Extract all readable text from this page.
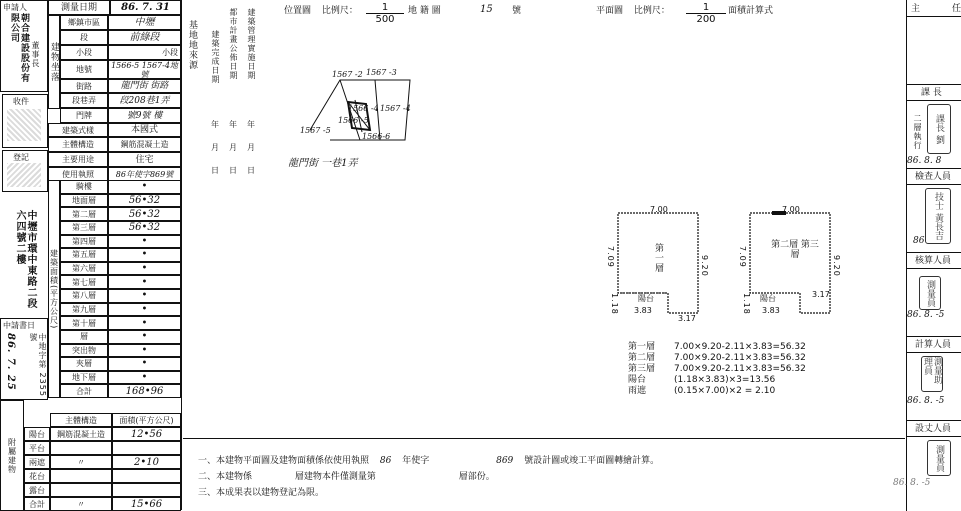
申請人
朝合建設股份有限公司
董事長
測量日期	86. 7. 31
建物坐落
鄉鎮市區	中壢
段	前綠段
小段	小段
地號	1566-5 1567-4地號
街路	龍門街 街路
段巷弄	段208巷1弄
門牌	號9號 樓
建築式樣	本國式
主體構造	鋼筋混凝土造
主要用途	住宅
使用執照	86年使字869號
收件
登記
中壢市環中東路二段六四號二樓
建築面積(平方公尺)
騎樓	•
地面層	56•32
第二層	56•32
第三層	56•32
第四層	•
第五層	•
第六層	•
第七層	•
第八層	•
第九層	•
第十層	•
層	•
突出物	•
夾層	•
地下層	•
合計	168•96
中請書日
86. 7. 25	中地字第 2355 號
附屬建物
主體構造	面積(平方公尺)
陽台	鋼筋混凝土造	12•56
平台
兩遮	〃	2•10
花台
露台
合計	〃	15•66
基地地來源	建築管理實施日期
都市計畫公佈日期
建築完成日期
年
月
日
年
月
日
年
月
日
位置圖 比例尺：	1
500
地 籍 圖	15 號
1567 -2 1567 -3
1567 -5
1566 -4
1566 -5
1567 -4
1566-6
龍門街 一巷1弄
平面圖 比例尺：	1
200
面積計算式
7.00
第一層
7.09	9.20
陽台
1.18 3.83
3.17
7.00
第二層 第三層
7.09	9.20
陽台
1.18 3.83
3.17
第一層	7.00×9.20-2.11×3.83=56.32
第二層	7.00×9.20-2.11×3.83=56.32
第三層	7.00×9.20-2.11×3.83=56.32
陽台	(1.18×3.83)×3=13.56
雨遮	(0.15×7.00)×2 = 2.10
一、本建物平面圖及建物面積係依使用執照 86 年使字	869 號設計圖或竣工平面圖轉繪計算。
二、本建物係	層建物本件僅測量第	層部份。
三、本成果表以建物登記為限。
主	任
課 長
二層執行	課長 劉
86. 8. 8
檢查人員
技士 黃長吉
86
核算人員
測量員
86. 8. -5
計算人員
測量助理員
86. 8. -5
設丈人員
測量員
86. 8. -5
